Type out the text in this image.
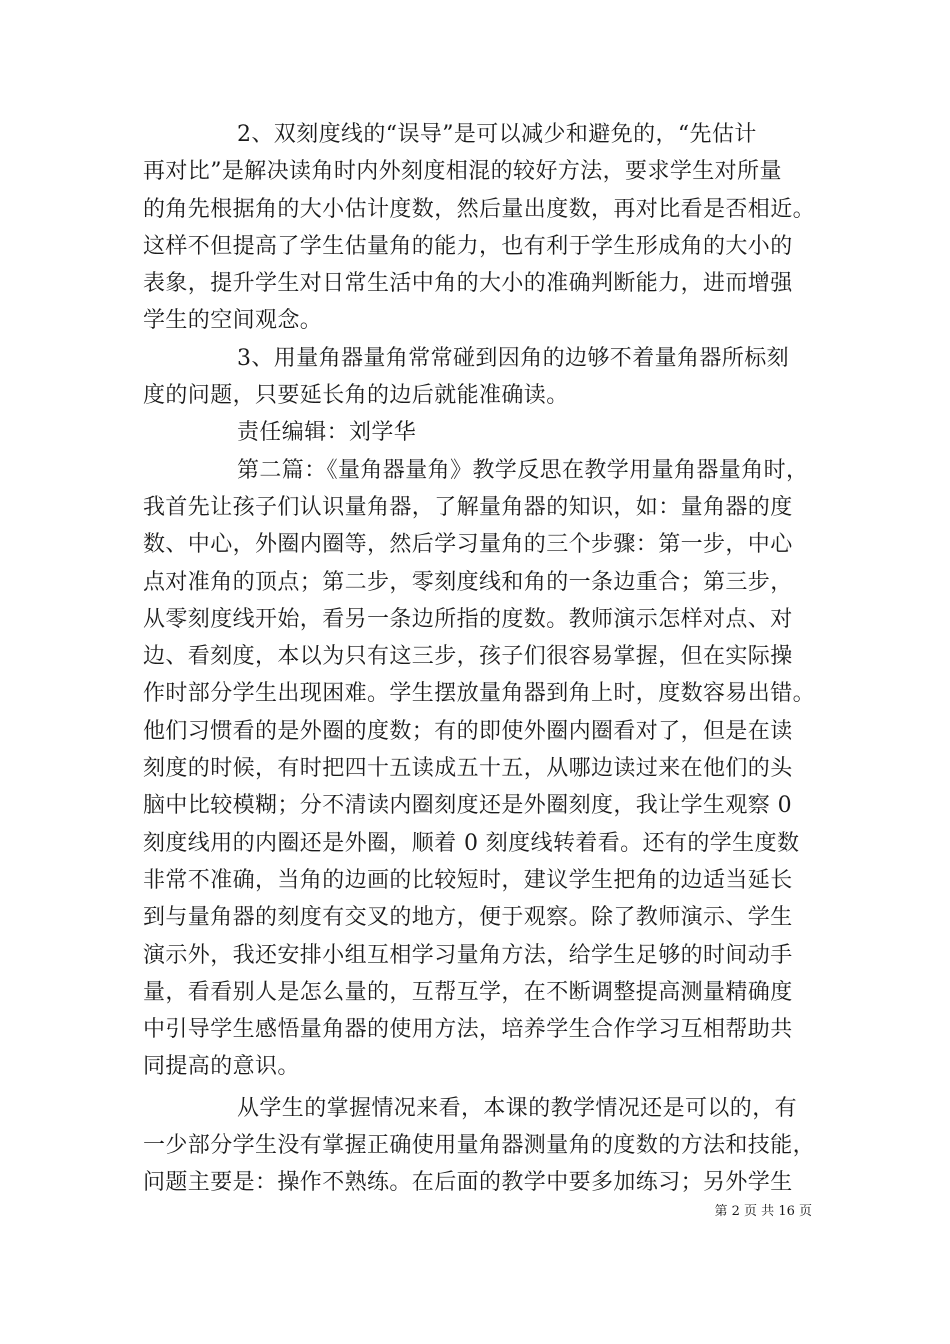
2、双刻度线的“误导”是可以减少和避免的，“先估计
再对比”是解决读角时内外刻度相混的较好方法，要求学生对所量
的角先根据角的大小估计度数，然后量出度数，再对比看是否相近。
这样不但提高了学生估量角的能力，也有利于学生形成角的大小的
表象，提升学生对日常生活中角的大小的准确判断能力，进而增强
学生的空间观念。
3、用量角器量角常常碰到因角的边够不着量角器所标刻
度的问题，只要延长角的边后就能准确读。
责任编辑：刘学华
第二篇：《量角器量角》教学反思在教学用量角器量角时，
我首先让孩子们认识量角器，了解量角器的知识，如：量角器的度
数、中心，外圈内圈等，然后学习量角的三个步骤：第一步，中心
点对准角的顶点；第二步，零刻度线和角的一条边重合；第三步，
从零刻度线开始，看另一条边所指的度数。教师演示怎样对点、对
边、看刻度，本以为只有这三步，孩子们很容易掌握，但在实际操
作时部分学生出现困难。学生摆放量角器到角上时，度数容易出错。
他们习惯看的是外圈的度数；有的即使外圈内圈看对了，但是在读
刻度的时候，有时把四十五读成五十五，从哪边读过来在他们的头
脑中比较模糊；分不清读内圈刻度还是外圈刻度，我让学生观察 0
刻度线用的内圈还是外圈，顺着 0 刻度线转着看。还有的学生度数
非常不准确，当角的边画的比较短时，建议学生把角的边适当延长
到与量角器的刻度有交叉的地方，便于观察。除了教师演示、学生
演示外，我还安排小组互相学习量角方法，给学生足够的时间动手
量，看看别人是怎么量的，互帮互学，在不断调整提高测量精确度
中引导学生感悟量角器的使用方法，培养学生合作学习互相帮助共
同提高的意识。
从学生的掌握情况来看，本课的教学情况还是可以的，有
一少部分学生没有掌握正确使用量角器测量角的度数的方法和技能，
问题主要是：操作不熟练。在后面的教学中要多加练习；另外学生
第 2 页 共 16 页
